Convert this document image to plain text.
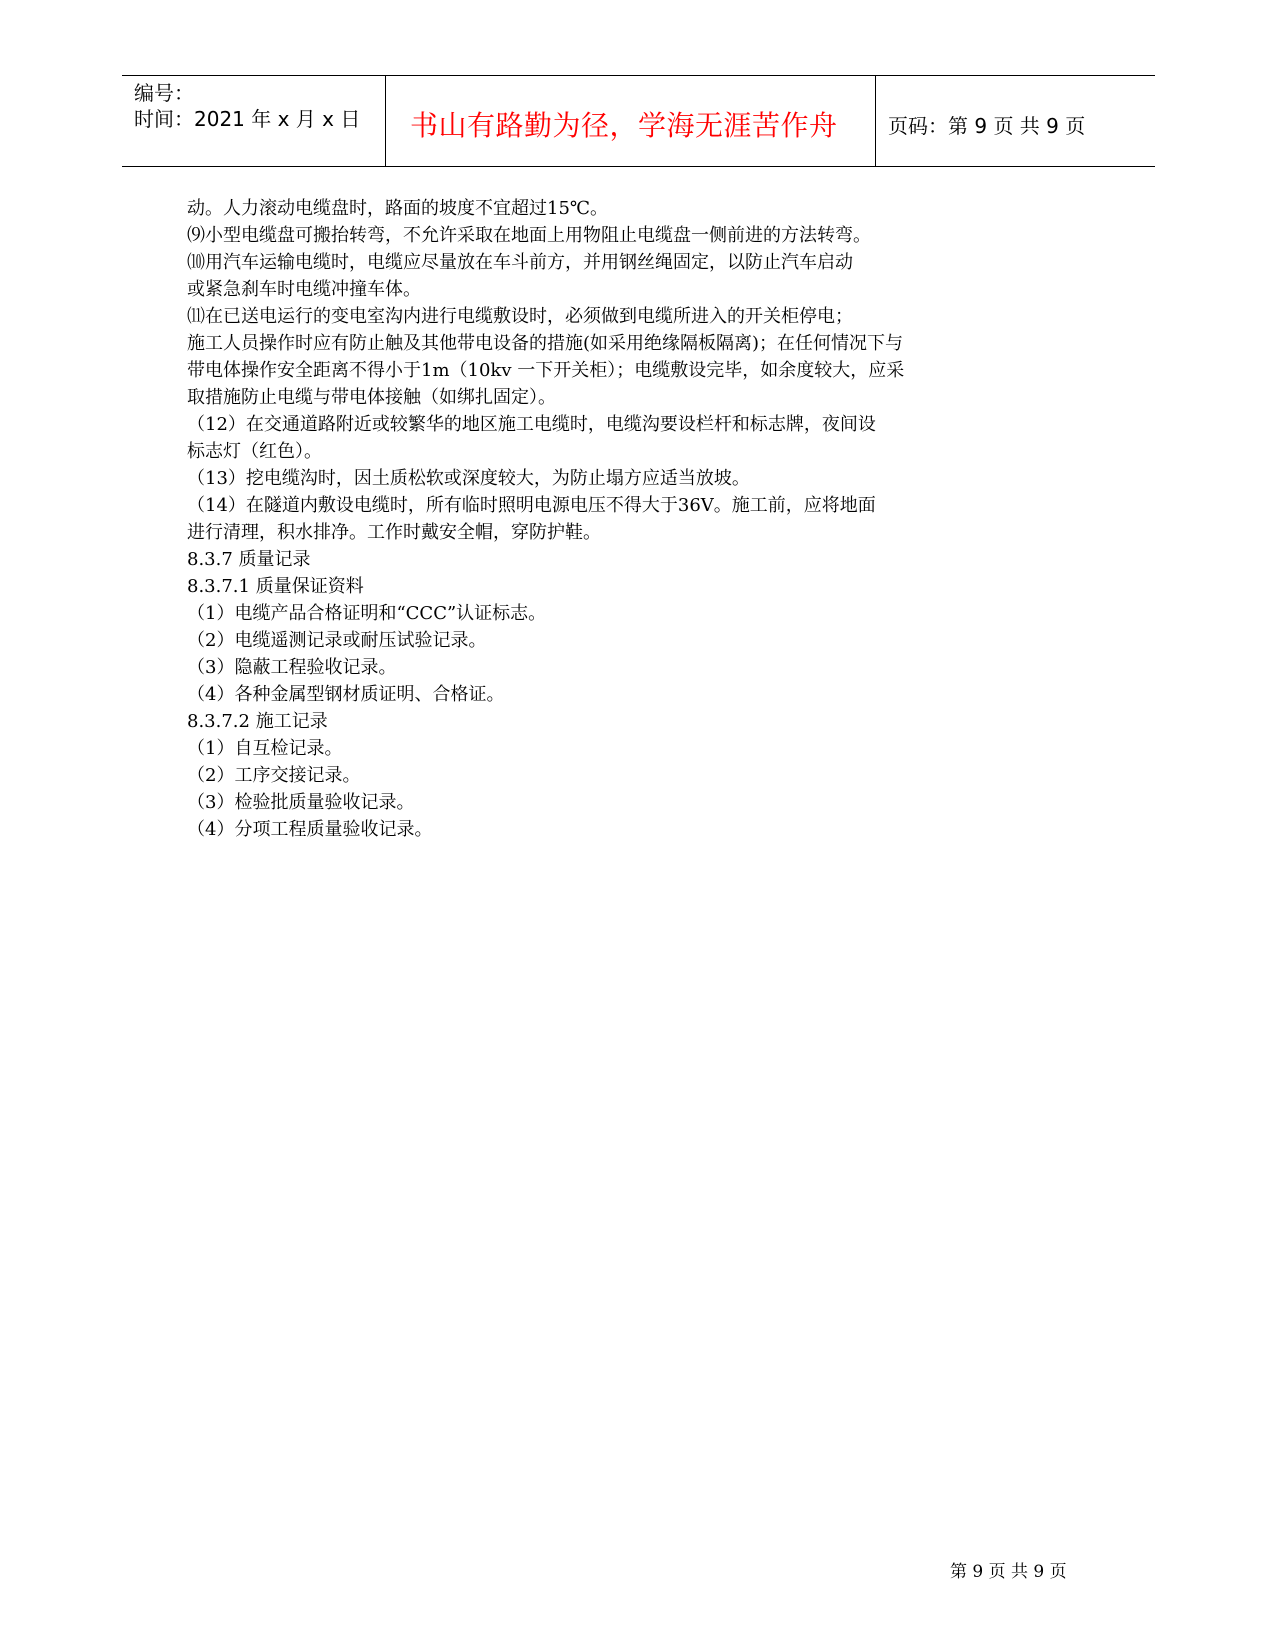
编号：
时间：2021 年 x 月 x 日 书山有路勤为径，学海无涯苦作舟	页码：第 9 页 共 9 页

动。人力滚动电缆盘时，路面的坡度不宜超过15℃。

⑼小型电缆盘可搬抬转弯，不允许采取在地面上用物阻止电缆盘一侧前进的方法转弯。

⑽用汽车运输电缆时，电缆应尽量放在车斗前方，并用钢丝绳固定，以防止汽车启动

或紧急刹车时电缆冲撞车体。

⑾在已送电运行的变电室沟内进行电缆敷设时，必须做到电缆所进入的开关柜停电；

施工人员操作时应有防止触及其他带电设备的措施(如采用绝缘隔板隔离)；在任何情况下与

带电体操作安全距离不得小于1m（10kv 一下开关柜）；电缆敷设完毕，如余度较大，应采

取措施防止电缆与带电体接触（如绑扎固定）。

（12）在交通道路附近或较繁华的地区施工电缆时，电缆沟要设栏杆和标志牌，夜间设

标志灯（红色）。

（13）挖电缆沟时，因土质松软或深度较大，为防止塌方应适当放坡。

（14）在隧道内敷设电缆时，所有临时照明电源电压不得大于36V。施工前，应将地面

进行清理，积水排净。工作时戴安全帽，穿防护鞋。

8.3.7 质量记录

8.3.7.1 质量保证资料

（1）电缆产品合格证明和“CCC”认证标志。

（2）电缆遥测记录或耐压试验记录。

（3）隐蔽工程验收记录。

（4）各种金属型钢材质证明、合格证。

8.3.7.2 施工记录

（1）自互检记录。

（2）工序交接记录。

（3）检验批质量验收记录。

（4）分项工程质量验收记录。

第 9 页 共 9 页
